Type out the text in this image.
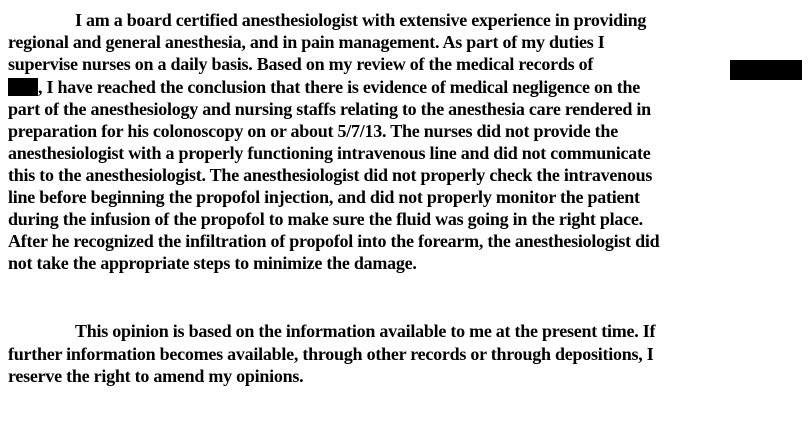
I am a board certified anesthesiologist with extensive experience in providing
regional and general anesthesia, and in pain management. As part of my duties I
supervise nurses on a daily basis. Based on my review of the medical records of
, I have reached the conclusion that there is evidence of medical negligence on the
part of the anesthesiology and nursing staffs relating to the anesthesia care rendered in
preparation for his colonoscopy on or about 5/7/13. The nurses did not provide the
anesthesiologist with a properly functioning intravenous line and did not communicate
this to the anesthesiologist. The anesthesiologist did not properly check the intravenous
line before beginning the propofol injection, and did not properly monitor the patient
during the infusion of the propofol to make sure the fluid was going in the right place.
After he recognized the infiltration of propofol into the forearm, the anesthesiologist did
not take the appropriate steps to minimize the damage.
This opinion is based on the information available to me at the present time. If
further information becomes available, through other records or through depositions, I
reserve the right to amend my opinions.
